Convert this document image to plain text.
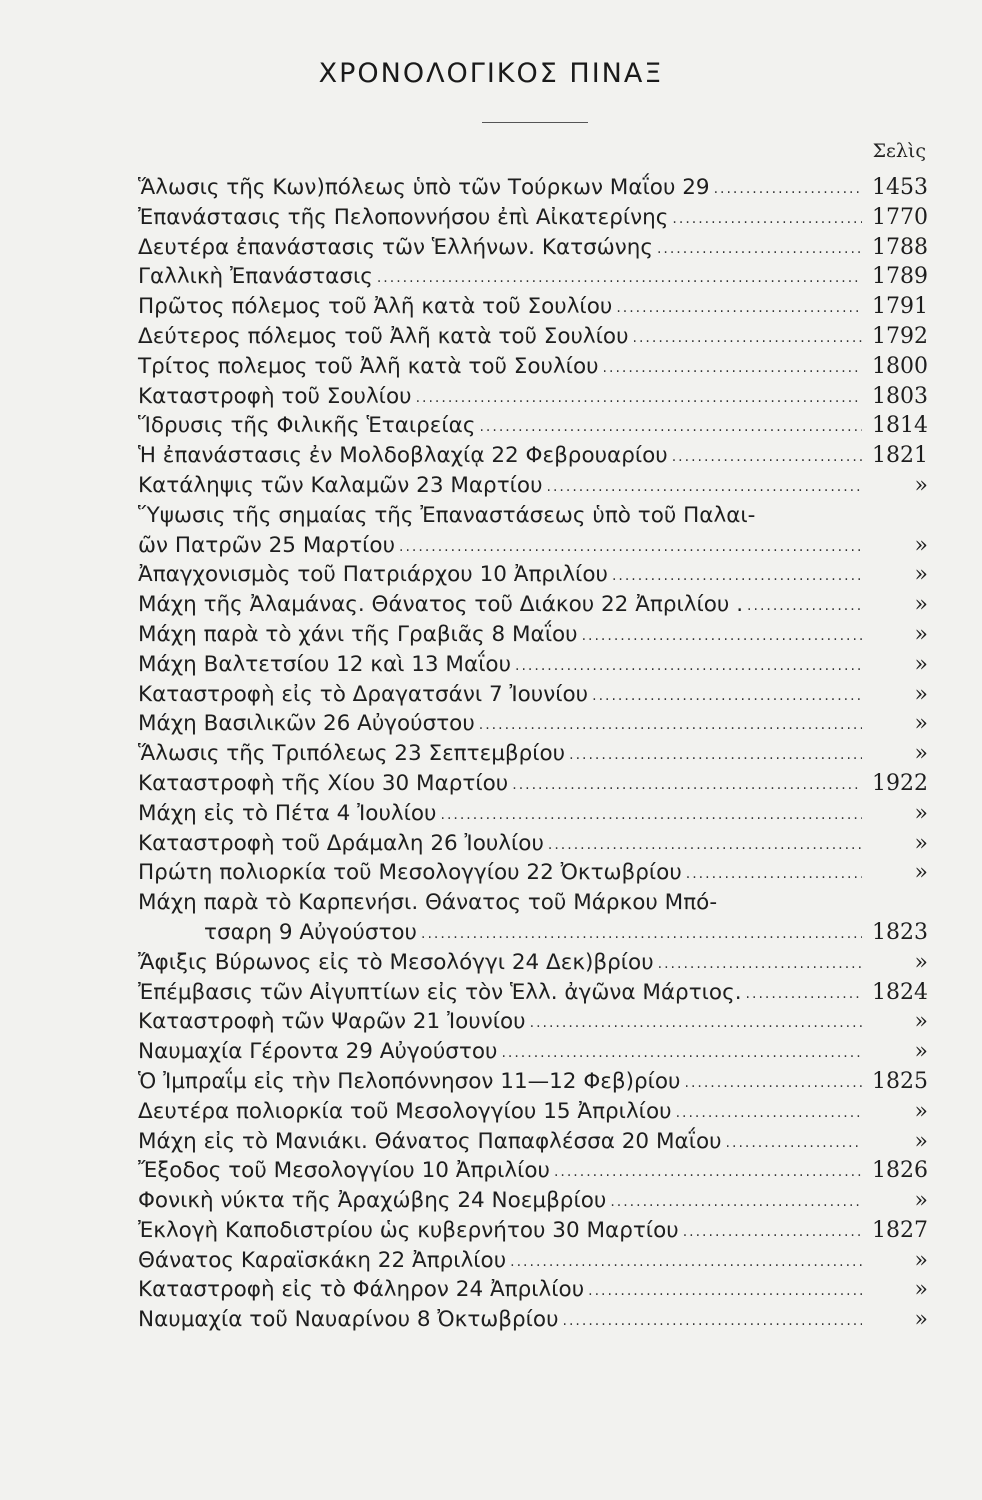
ΧΡΟΝΟΛΟΓΙΚΟΣ ΠΙΝΑΞ
Σελὶς
Ἅλωσις τῆς Κων)πόλεως ὑπὸ τῶν Τούρκων Μαΐου 29 .....	1453
Ἐπανάστασις τῆς Πελοποννήσου ἐπὶ Αἰκατερίνης .....	1770
Δευτέρα ἐπανάστασις τῶν Ἑλλήνων. Κατσώνης .....	1788
Γαλλικὴ Ἐπανάστασις .....	1789
Πρῶτος πόλεμος τοῦ Ἀλῆ κατὰ τοῦ Σουλίου .....	1791
Δεύτερος πόλεμος τοῦ Ἀλῆ κατὰ τοῦ Σουλίου .....	1792
Τρίτος πολεμος τοῦ Ἀλῆ κατὰ τοῦ Σουλίου .....	1800
Καταστροφὴ τοῦ Σουλίου .....	1803
Ἵδρυσις τῆς Φιλικῆς Ἑταιρείας .....	1814
Ἡ ἐπανάστασις ἐν Μολδοβλαχίᾳ 22 Φεβρουαρίου .....	1821
Κατάληψις τῶν Καλαμῶν 23 Μαρτίου .....	»
Ὕψωσις τῆς σημαίας τῆς Ἐπαναστάσεως ὑπὸ τοῦ Παλαι-
ῶν Πατρῶν 25 Μαρτίου .....	»
Ἀπαγχονισμὸς τοῦ Πατριάρχου 10 Ἀπριλίου .....	»
Μάχη τῆς Ἀλαμάνας. Θάνατος τοῦ Διάκου 22 Ἀπριλίου . .....	»
Μάχη παρὰ τὸ χάνι τῆς Γραβιᾶς 8 Μαΐου .....	»
Μάχη Βαλτετσίου 12 καὶ 13 Μαΐου .....	»
Καταστροφὴ εἰς τὸ Δραγατσάνι 7 Ἰουνίου .....	»
Μάχη Βασιλικῶν 26 Αὐγούστου .....	»
Ἅλωσις τῆς Τριπόλεως 23 Σεπτεμβρίου .....	»
Καταστροφὴ τῆς Χίου 30 Μαρτίου .....	1922
Μάχη εἰς τὸ Πέτα 4 Ἰουλίου .....	»
Καταστροφὴ τοῦ Δράμαλη 26 Ἰουλίου .....	»
Πρώτη πολιορκία τοῦ Μεσολογγίου 22 Ὀκτωβρίου .....	»
Μάχη παρὰ τὸ Καρπενήσι. Θάνατος τοῦ Μάρκου Μπό-
τσαρη 9 Αὐγούστου .....	1823
Ἄφιξις Βύρωνος εἰς τὸ Μεσολόγγι 24 Δεκ)βρίου .....	»
Ἐπέμβασις τῶν Αἰγυπτίων εἰς τὸν Ἑλλ. ἀγῶνα Μάρτιος. .....	1824
Καταστροφὴ τῶν Ψαρῶν 21 Ἰουνίου .....	»
Ναυμαχία Γέροντα 29 Αὐγούστου .....	»
Ὁ Ἰμπραΐμ εἰς τὴν Πελοπόννησον 11—12 Φεβ)ρίου .....	1825
Δευτέρα πολιορκία τοῦ Μεσολογγίου 15 Ἀπριλίου .....	»
Μάχη εἰς τὸ Μανιάκι. Θάνατος Παπαφλέσσα 20 Μαΐου .....	»
Ἔξοδος τοῦ Μεσολογγίου 10 Ἀπριλίου .....	1826
Φονικὴ νύκτα τῆς Ἀραχώβης 24 Νοεμβρίου .....	»
Ἐκλογὴ Καποδιστρίου ὡς κυβερνήτου 30 Μαρτίου .....	1827
Θάνατος Καραϊσκάκη 22 Ἀπριλίου .....	»
Καταστροφὴ εἰς τὸ Φάληρον 24 Ἀπριλίου .....	»
Ναυμαχία τοῦ Ναυαρίνου 8 Ὀκτωβρίου .....	»
